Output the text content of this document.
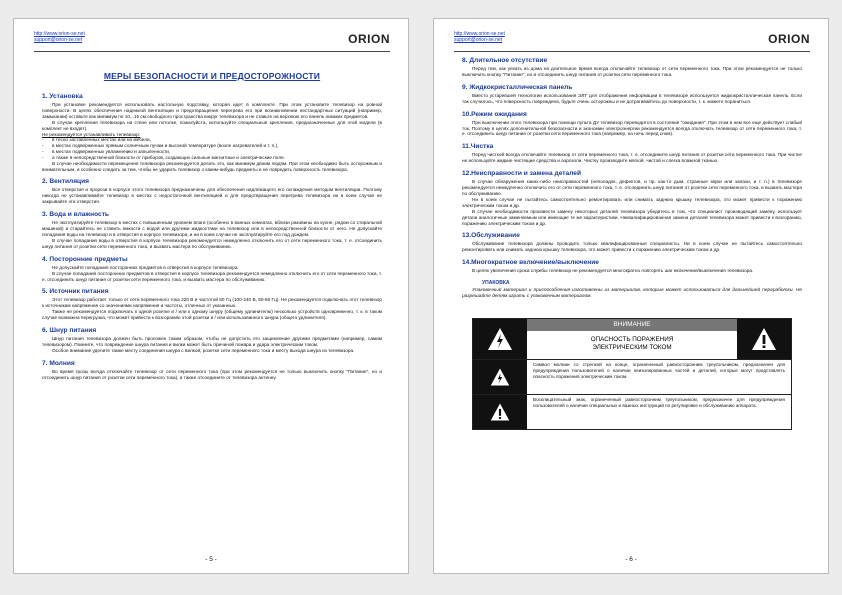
http://www.orion-se.net
support@orion-se.net	ORION
МЕРЫ БЕЗОПАСНОСТИ И ПРЕДОСТОРОЖНОСТИ
1. Установка

При установке рекомендуется использовать настольную подставку, которая идет в комплекте. При этом установите телевизор на ровной поверхности. В целях обеспечения надежной вентиляции и предотвращения перегрева его при возникновении нестандартных ситуаций (например, замыкании) оставьте как минимум по 10...15 см свободного пространства вокруг телевизора и не ставьте на верхнюю его панель никаких предметов.

В случае крепления телевизора на стене или потолке, пожалуйста, используйте специальные крепления, предназначенные для этой модели (в комплект не входят).

Не рекомендуется устанавливать телевизор:

- в тесно заставленных местах или на мебели,
- в местах подверженных прямым солнечным лучам и высокой температуре (возле нагревателей и т. п.),
- в местах подверженных увлажнению и запыленности,
- а также в непосредственной близости от приборов, создающих сильные магнитные и электрические поля.

В случае необходимости перемещения телевизора рекомендуется делать это, как минимум двоим людям. При этом необходимо быть осторожным и внимательным, и особенно следить за тем, чтобы не ударить телевизор о каким-нибудь предметы и не повредить поверхность телевизора.

2. Вентиляция

Все отверстия и прорези в корпусе этого телевизора предназначены для обеспечения надлежащего его охлаждения методом вентиляции. Поэтому никогда не устанавливайте телевизор в местах с недостаточной вентиляцией и для предотвращения перегрева телевизора ни в коем случае не закрывайте эти отверстия.

3. Вода и влажность

Не эксплуатируйте телевизор в местах с повышенным уровнем влаги (особенно в ванных комнатах, вблизи раковины на кухне, рядом со стиральной машиной) и старайтесь не ставить емкости с водой или другими жидкостями на телевизор или в непосредственной близости от него. Не допускайте попадания воды на телевизор и в отверстия в корпусе телевизора, и ни в коем случае не эксплуатируйте его под дождем.

В случае попадания воды в отверстия в корпусе телевизора рекомендуется немедленно отключить его от сети переменного тока, т. е. отсоединить шнур питания от розетки сети переменного тока, и вызвать мастера по обслуживанию.

4. Посторонние предметы

Не допускайте попадания посторонних предметов в отверстия в корпусе телевизора.

В случае попадания посторонних предметов в отверстия в корпусе телевизора рекомендуется немедленно отключить его от сети переменного тока, т. е. отсоединить шнур питания от розетки сети переменного тока, и вызвать мастера по обслуживанию.

5. Источник питания

Этот телевизор работает только от сети переменного тока 220 В и частотой 50 Гц (100-240 В, 50-60 Гц). Не рекомендуется подключать этот телевизор к источникам напряжения со значениями напряжения и частоты, отличных от указанных.

Также не рекомендуется подключать к одной розетке и / или к одному шнуру (общему удлинителю) несколько устройств одновременно, т. к. в таком случае возможна перегрузка, что может привести к возгоранию этой розетки и / или использованного шнура (общего удлинителя).

6. Шнур питания

Шнур питания телевизора должен быть проложен таким образом, чтобы не допустить его защемление другими предметами (например, самим телевизором). Помните, что повреждение шнура питания и вилки может быть причиной пожара и удара электрическим током.

Особое внимание уделите также месту соединения шнура с вилкой, розетке сети переменного тока и месту выхода шнура из телевизора.

7. Молния

Во время грозы всегда отключайте телевизор от сети переменного тока (при этом рекомендуется не только выключить кнопку "Питание", но и отсоединить шнур питания от розетки сети переменного тока), а также отсоедините от телевизора антенну.

- 5 -
http://www.orion-se.net
support@orion-se.net	ORION
8. Длительное отсутствие

Перед тем, как уехать из дома на длительное время всегда отключайте телевизор от сети переменного тока. При этом рекомендуется не только выключить кнопку "Питание", но и отсоединить шнур питания от розетки сети переменного тока.

9. Жидкокристаллическая панель

Вместо устаревшей технологии использования ЭЛТ для отображения информации в телевизоре используется жидкокристаллическая панель. Если так случилось, что поверхность повреждена, будьте очень осторожны и не дотрагивайтесь до поверхности, т. к. можете пораниться.

10.Режим ожидания

При выключении этого телевизора при помощи пульта ДУ телевизор переводится в состояние "ожидания". При этом в нем все еще действует слабый ток. Поэтому в целях дополнительной безопасности и экономии электроэнергии рекомендуется всегда отключать телевизор от сети переменного тока, т. е. отсоединить шнур питания от розетки сети переменного тока (например, на ночь перед сном).

11.Чистка

Перед чисткой всегда отключайте телевизор от сети переменного тока, т. е. отсоедините шнур питания от розетки сети переменного тока. При чистке не используйте жидкие чистящие средства и аэрозоли. Чистку производите мягкой, чистой и слегка влажной тканью.

12.Неисправности и замена деталей

В случае обнаружения каких-либо неисправностей (неполадок, дефектов, и пр. как-то дым, странные звуки или запахи, и т. п.) в телевизоре рекомендуется немедленно отключить его от сети переменного тока, т. е. отсоединить шнур питания от розетки сети переменного тока, и вызвать мастера по обслуживанию.

Ни в коем случае не пытайтесь самостоятельно ремонтировать или снимать заднюю крышку телевизора, это может привести к поражению электрическим током и др.

В случае необходимости произвести замену некоторых деталей телевизора убедитесь в том, что специалист производящий замену, использует детали аналогичные заменяемым или имеющие те же характеристики. Неквалифицированная замена деталей телевизора может привести к возгоранию, поражению электрическим током и др.

13.Обслуживание

Обслуживание телевизора должны проводить только квалифицированные специалисты. Ни в коем случае не пытайтесь самостоятельно ремонтировать или снимать заднюю крышку телевизора, это может привести к поражению электрическим током и др.

14.Многократное включение/выключение

В целях увеличения срока службы телевизор не рекомендуется многократно повторять шаг включения/выключения телевизора.

УПАКОВКА

Упаковочный материал и приспособления изготовлены из материалов, которые может использоваться для дальнейшей переработки. Не разрешайте детям играть с упаковочным материалом.

ВНИМАНИЕ
ОПАСНОСТЬ ПОРАЖЕНИЯ
ЭЛЕКТРИЧЕСКИМ ТОКОМ
Символ молнии со стрелкой на конце, ограниченный равносторонним треугольником, предназначен для предупреждения пользователей о наличии неизолированных частей и деталей, которые могут представлять опасность поражения электрическим током.
Восклицательный знак, ограниченный равносторонним треугольником, предназначен для предупреждения пользователей о наличии специальных и важных инструкций по регулировке и обслуживанию аппарата.
- 6 -
